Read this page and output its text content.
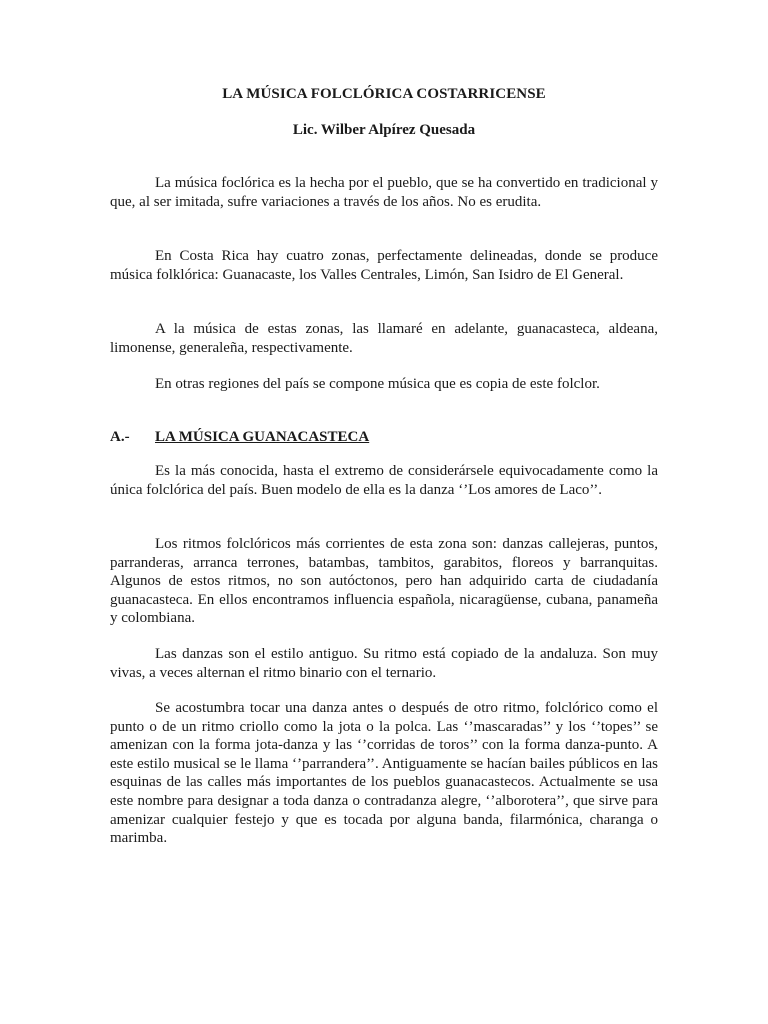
LA MÚSICA FOLCLÓRICA COSTARRICENSE
Lic. Wilber Alpírez Quesada

La música foclórica es la hecha por el pueblo, que se ha convertido en tradicional y que, al ser imitada, sufre variaciones a través de los años. No es erudita.

En Costa Rica hay cuatro zonas, perfectamente delineadas, donde se produce música folklórica: Guanacaste, los Valles Centrales, Limón, San Isidro de El General.

A la música de estas zonas, las llamaré en adelante, guanacasteca, aldeana, limonense, generaleña, respectivamente.

En otras regiones del país se compone música que es copia de este folclor.

A.- LA MÚSICA GUANACASTECA

Es la más conocida, hasta el extremo de considerársele equivocadamente como la única folclórica del país. Buen modelo de ella es la danza ‘’Los amores de Laco’’.

Los ritmos folclóricos más corrientes de esta zona son: danzas callejeras, puntos, parranderas, arranca terrones, batambas, tambitos, garabitos, floreos y barranquitas. Algunos de estos ritmos, no son autóctonos, pero han adquirido carta de ciudadanía guanacasteca. En ellos encontramos influencia española, nicaragüense, cubana, panameña y colombiana.

Las danzas son el estilo antiguo. Su ritmo está copiado de la andaluza. Son muy vivas, a veces alternan el ritmo binario con el ternario.

Se acostumbra tocar una danza antes o después de otro ritmo, folclórico como el punto o de un ritmo criollo como la jota o la polca. Las ‘’mascaradas’’ y los ‘’topes’’ se amenizan con la forma jota-danza y las ‘’corridas de toros’’ con la forma danza-punto. A este estilo musical se le llama ‘’parrandera’’. Antiguamente se hacían bailes públicos en las esquinas de las calles más importantes de los pueblos guanacastecos. Actualmente se usa este nombre para designar a toda danza o contradanza alegre, ‘’alborotera’’, que sirve para amenizar cualquier festejo y que es tocada por alguna banda, filarmónica, charanga o marimba.
